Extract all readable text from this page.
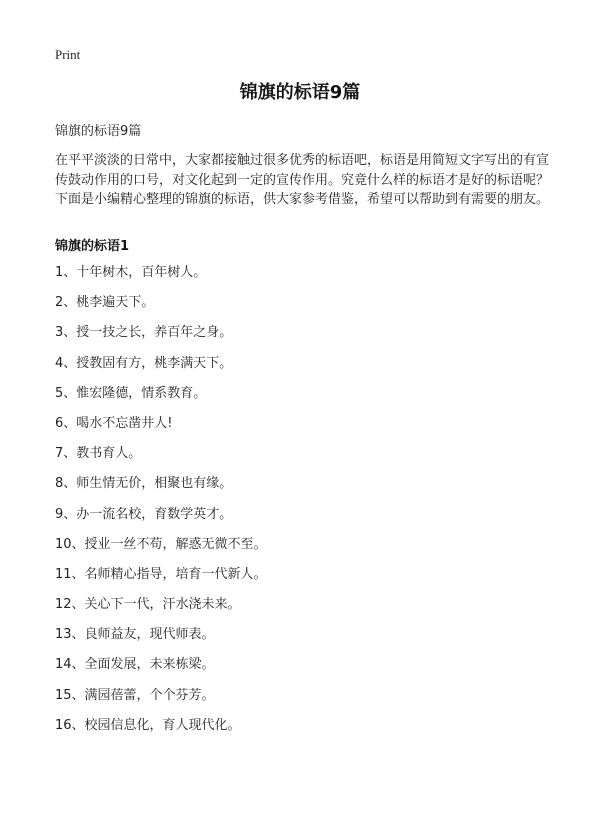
Print
锦旗的标语9篇
锦旗的标语9篇
在平平淡淡的日常中，大家都接触过很多优秀的标语吧，标语是用简短文字写出的有宣传鼓动作用的口号，对文化起到一定的宣传作用。究竟什么样的标语才是好的标语呢？下面是小编精心整理的锦旗的标语，供大家参考借鉴，希望可以帮助到有需要的朋友。
锦旗的标语1
1、十年树木，百年树人。
2、桃李遍天下。
3、授一技之长，养百年之身。
4、授教固有方，桃李满天下。
5、惟宏隆德，情系教育。
6、喝水不忘凿井人!
7、教书育人。
8、师生情无价，相聚也有缘。
9、办一流名校，育数学英才。
10、授业一丝不苟，解惑无微不至。
11、名师精心指导，培育一代新人。
12、关心下一代，汗水浇未来。
13、良师益友，现代师表。
14、全面发展，未来栋梁。
15、满园蓓蕾，个个芬芳。
16、校园信息化，育人现代化。
